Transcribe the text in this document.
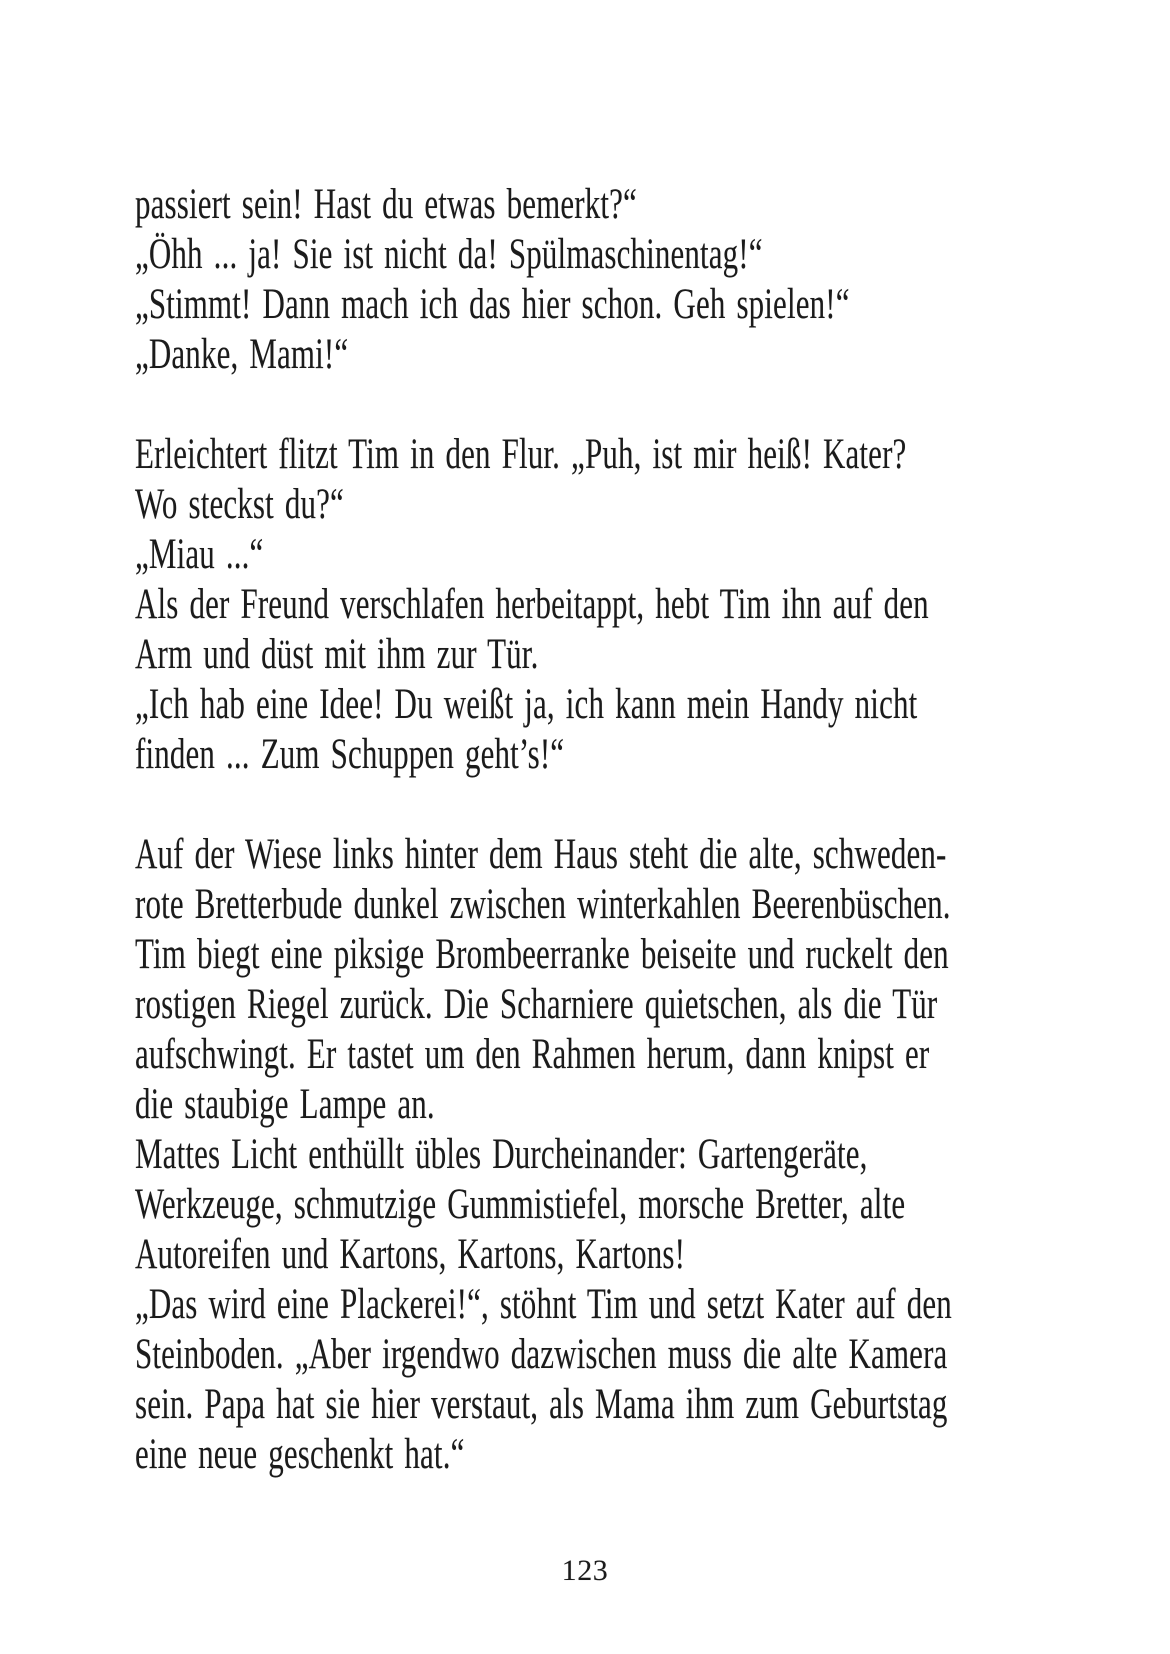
passiert sein! Hast du etwas bemerkt?“
„Öhh ... ja! Sie ist nicht da! Spülmaschinentag!“
„Stimmt! Dann mach ich das hier schon. Geh spielen!“
„Danke, Mami!“
Erleichtert flitzt Tim in den Flur. „Puh, ist mir heiß! Kater?
Wo steckst du?“
„Miau ...“
Als der Freund verschlafen herbeitappt, hebt Tim ihn auf den
Arm und düst mit ihm zur Tür.
„Ich hab eine Idee! Du weißt ja, ich kann mein Handy nicht
finden ... Zum Schuppen geht’s!“
Auf der Wiese links hinter dem Haus steht die alte, schweden-
rote Bretterbude dunkel zwischen winterkahlen Beerenbüschen.
Tim biegt eine piksige Brombeerranke beiseite und ruckelt den
rostigen Riegel zurück. Die Scharniere quietschen, als die Tür
aufschwingt. Er tastet um den Rahmen herum, dann knipst er
die staubige Lampe an.
Mattes Licht enthüllt übles Durcheinander: Gartengeräte,
Werkzeuge, schmutzige Gummistiefel, morsche Bretter, alte
Autoreifen und Kartons, Kartons, Kartons!
„Das wird eine Plackerei!“, stöhnt Tim und setzt Kater auf den
Steinboden. „Aber irgendwo dazwischen muss die alte Kamera
sein. Papa hat sie hier verstaut, als Mama ihm zum Geburtstag
eine neue geschenkt hat.“
123
